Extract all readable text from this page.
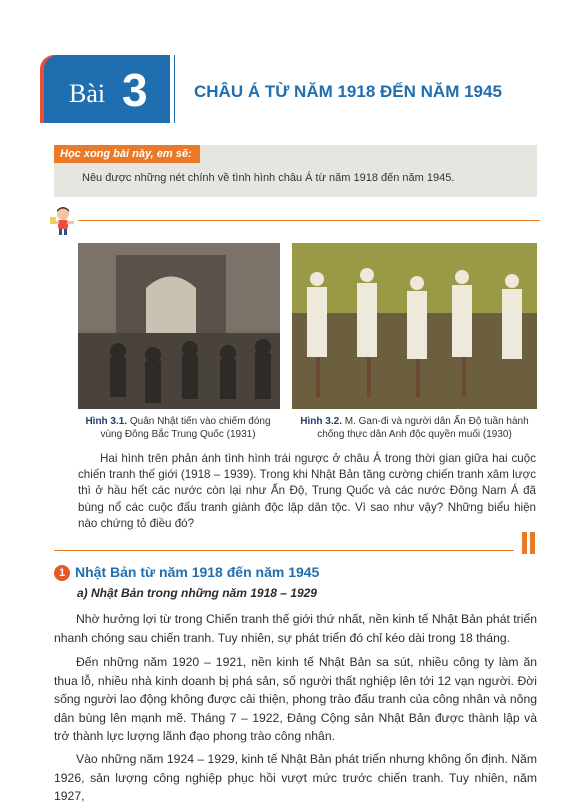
Bài 3	CHÂU Á TỪ NĂM 1918 ĐẾN NĂM 1945
Học xong bài này, em sẽ:
Nêu được những nét chính về tình hình châu Á từ năm 1918 đến năm 1945.
Hình 3.1. Quân Nhật tiến vào chiếm đóng
vùng Đông Bắc Trung Quốc (1931)
Hình 3.2. M. Gan-đi và người dân Ấn Độ tuần hành
chống thực dân Anh độc quyền muối (1930)
Hai hình trên phản ánh tình hình trái ngược ở châu Á trong thời gian giữa hai cuộc chiến tranh thế giới (1918 – 1939). Trong khi Nhật Bản tăng cường chiến tranh xâm lược thì ở hầu hết các nước còn lại như Ấn Độ, Trung Quốc và các nước Đông Nam Á đã bùng nổ các cuộc đấu tranh giành độc lập dân tộc. Vì sao như vậy? Những biểu hiện nào chứng tỏ điều đó?
1 Nhật Bản từ năm 1918 đến năm 1945
a) Nhật Bản trong những năm 1918 – 1929
Nhờ hưởng lợi từ trong Chiến tranh thế giới thứ nhất, nền kinh tế Nhật Bản phát triển nhanh chóng sau chiến tranh. Tuy nhiên, sự phát triển đó chỉ kéo dài trong 18 tháng.
Đến những năm 1920 – 1921, nền kinh tế Nhật Bản sa sút, nhiều công ty làm ăn thua lỗ, nhiều nhà kinh doanh bị phá sản, số người thất nghiệp lên tới 12 vạn người. Đời sống người lao động không được cải thiện, phong trào đấu tranh của công nhân và nông dân bùng lên mạnh mẽ. Tháng 7 – 1922, Đảng Cộng sản Nhật Bản được thành lập và trở thành lực lượng lãnh đạo phong trào công nhân.
Vào những năm 1924 – 1929, kinh tế Nhật Bản phát triển nhưng không ổn định. Năm 1926, sản lượng công nghiệp phục hồi vượt mức trước chiến tranh. Tuy nhiên, năm 1927,
